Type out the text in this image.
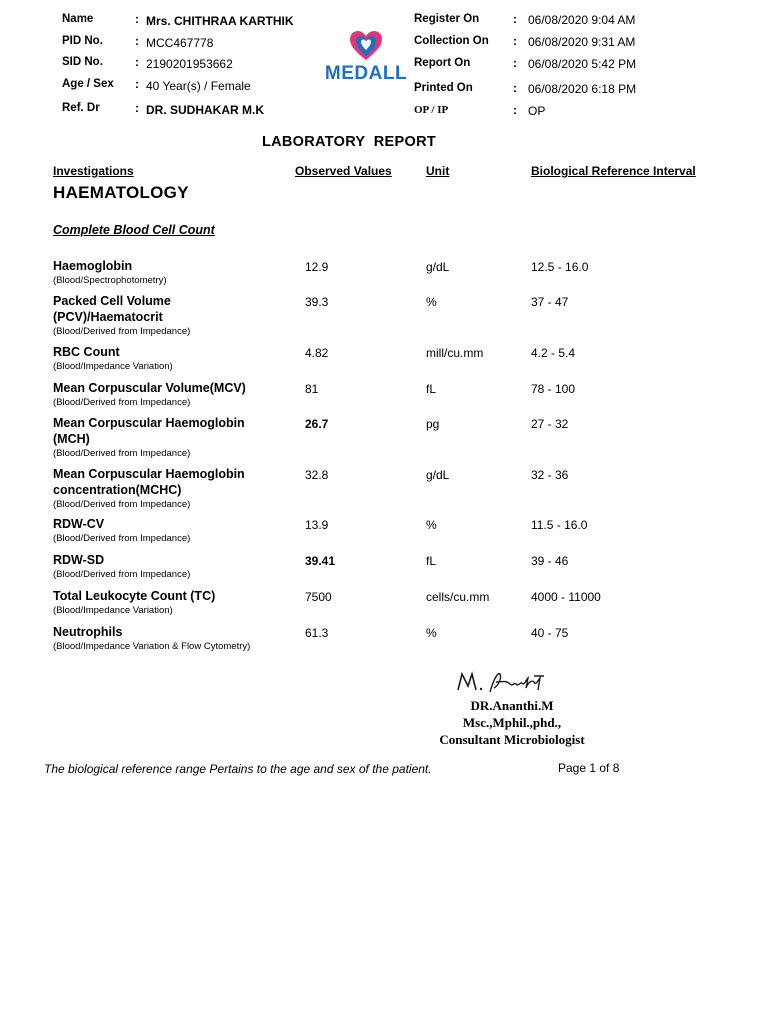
Name	: Mrs. CHITHRAA KARTHIK
PID No.	: MCC467778
SID No.	: 2190201953662
Age / Sex : 40 Year(s) / Female
Ref. Dr	: DR. SUDHAKAR M.K
MEDALL
Register On	: 06/08/2020 9:04 AM
Collection On : 06/08/2020 9:31 AM
Report On	: 06/08/2020 5:42 PM
Printed On	: 06/08/2020 6:18 PM
OP / IP	: OP
LABORATORY  REPORT
Investigations	Observed Values	Unit	Biological Reference Interval
HAEMATOLOGY
Complete Blood Cell Count
Haemoglobin
(Blood/Spectrophotometry)
12.9	g/dL	12.5 - 16.0
Packed Cell Volume
(PCV)/Haematocrit
(Blood/Derived from Impedance)
39.3	%	37 - 47
RBC Count
(Blood/Impedance Variation)
4.82	mill/cu.mm	4.2 - 5.4
Mean Corpuscular Volume(MCV)
(Blood/Derived from Impedance)
81	fL	78 - 100
Mean Corpuscular Haemoglobin
(MCH)
(Blood/Derived from Impedance)
26.7	pg	27 - 32
Mean Corpuscular Haemoglobin
concentration(MCHC)
(Blood/Derived from Impedance)
32.8	g/dL	32 - 36
RDW-CV
(Blood/Derived from Impedance)
13.9	%	11.5 - 16.0
RDW-SD
(Blood/Derived from Impedance)
39.41	fL	39 - 46
Total Leukocyte Count (TC)
(Blood/Impedance Variation)
7500	cells/cu.mm	4000 - 11000
Neutrophils
(Blood/Impedance Variation & Flow Cytometry)
61.3	%	40 - 75
DR.Ananthi.M
Msc.,Mphil.,phd.,
Consultant Microbiologist
The biological reference range Pertains to the age and sex of the patient.	Page 1 of 8
